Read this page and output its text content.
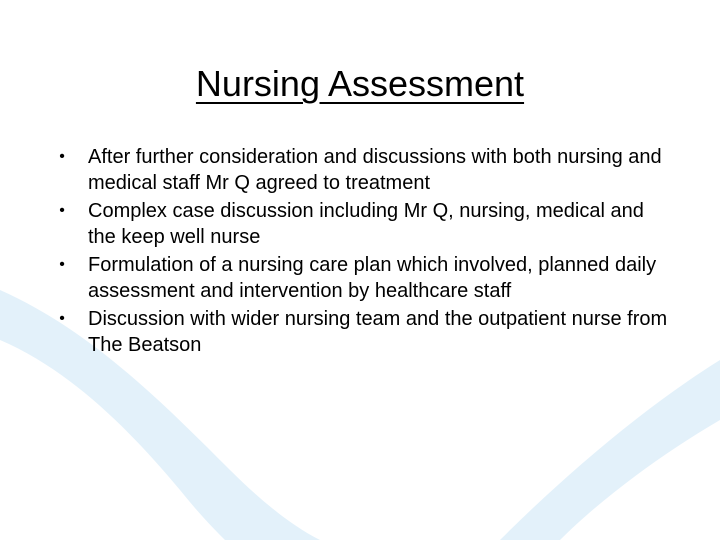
Nursing Assessment
• After further consideration and discussions with both nursing and medical staff Mr Q agreed to treatment
• Complex case discussion including Mr Q, nursing, medical and the keep well nurse
• Formulation of a nursing care plan which involved, planned daily assessment and intervention by healthcare staff
• Discussion with wider nursing team and the outpatient nurse from The Beatson
